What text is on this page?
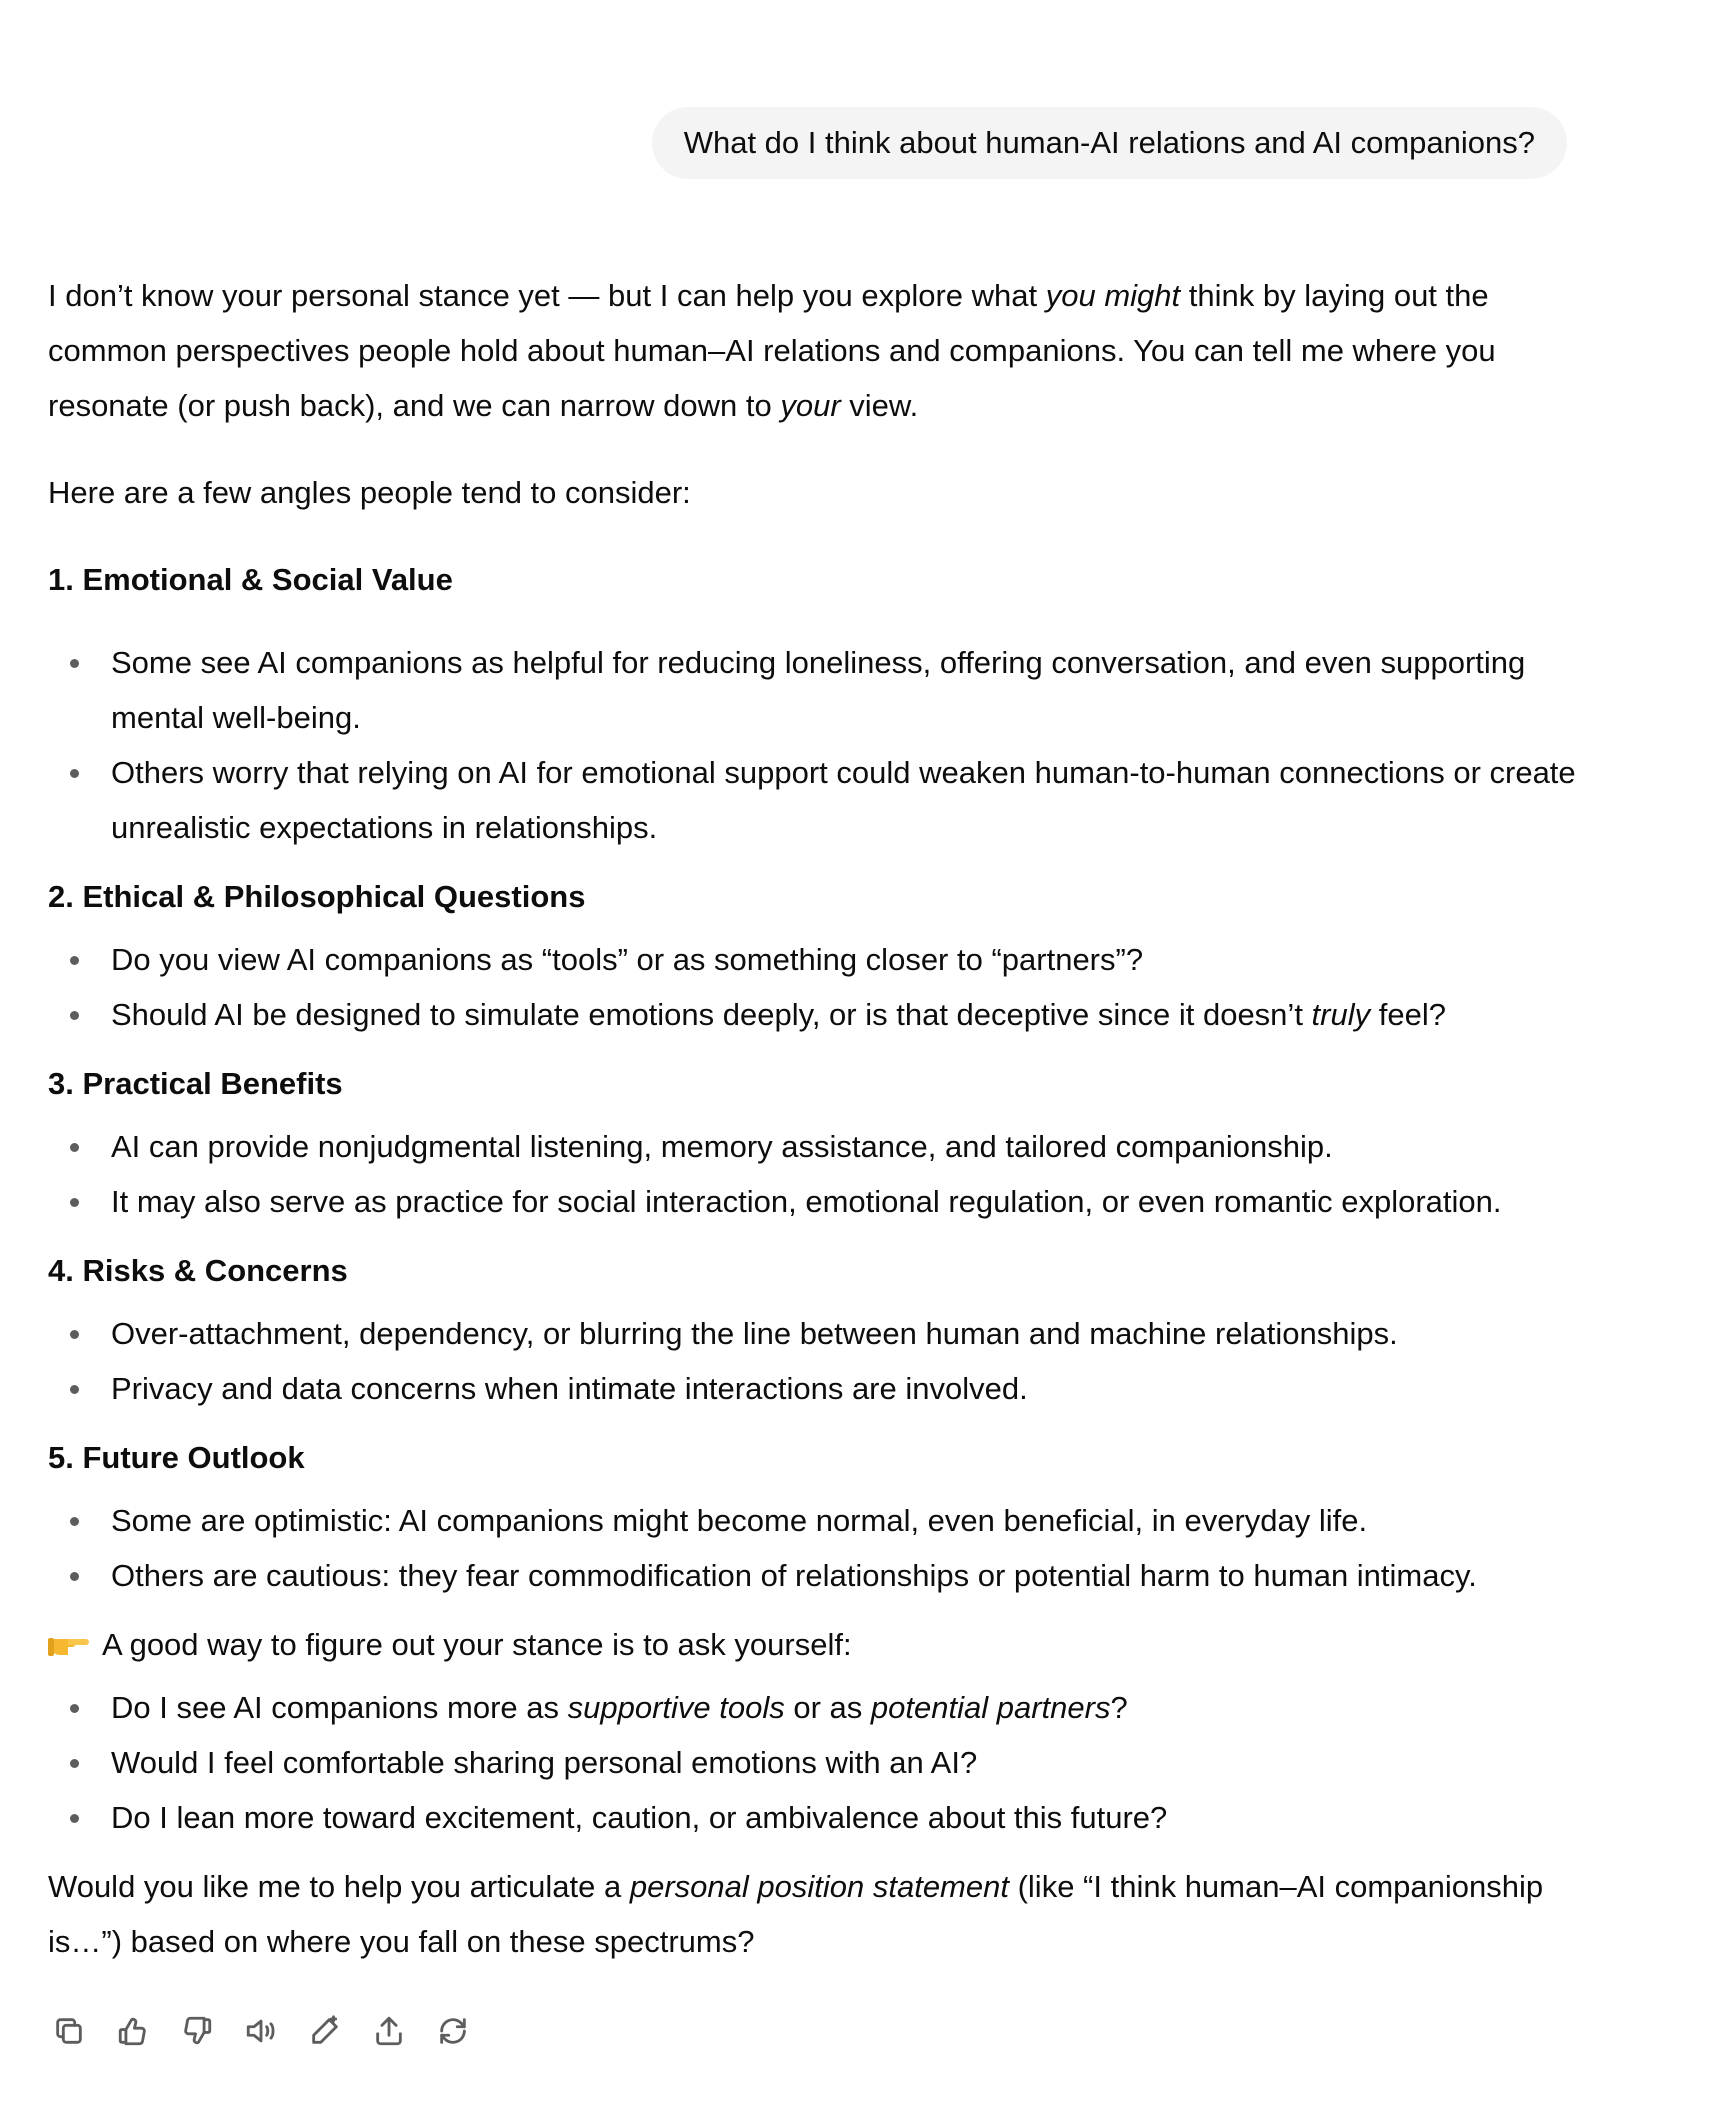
What do I think about human-AI relations and AI companions?

I don’t know your personal stance yet — but I can help you explore what you might think by laying out the common perspectives people hold about human–AI relations and companions. You can tell me where you resonate (or push back), and we can narrow down to your view.

Here are a few angles people tend to consider:

1. Emotional & Social Value
Some see AI companions as helpful for reducing loneliness, offering conversation, and even supporting mental well-being.
Others worry that relying on AI for emotional support could weaken human-to-human connections or create unrealistic expectations in relationships.
2. Ethical & Philosophical Questions
Do you view AI companions as “tools” or as something closer to “partners”?
Should AI be designed to simulate emotions deeply, or is that deceptive since it doesn’t truly feel?
3. Practical Benefits
AI can provide nonjudgmental listening, memory assistance, and tailored companionship.
It may also serve as practice for social interaction, emotional regulation, or even romantic exploration.
4. Risks & Concerns
Over-attachment, dependency, or blurring the line between human and machine relationships.
Privacy and data concerns when intimate interactions are involved.
5. Future Outlook
Some are optimistic: AI companions might become normal, even beneficial, in everyday life.
Others are cautious: they fear commodification of relationships or potential harm to human intimacy.

A good way to figure out your stance is to ask yourself:

Do I see AI companions more as supportive tools or as potential partners?
Would I feel comfortable sharing personal emotions with an AI?
Do I lean more toward excitement, caution, or ambivalence about this future?

Would you like me to help you articulate a personal position statement (like “I think human–AI companionship is…”) based on where you fall on these spectrums?
